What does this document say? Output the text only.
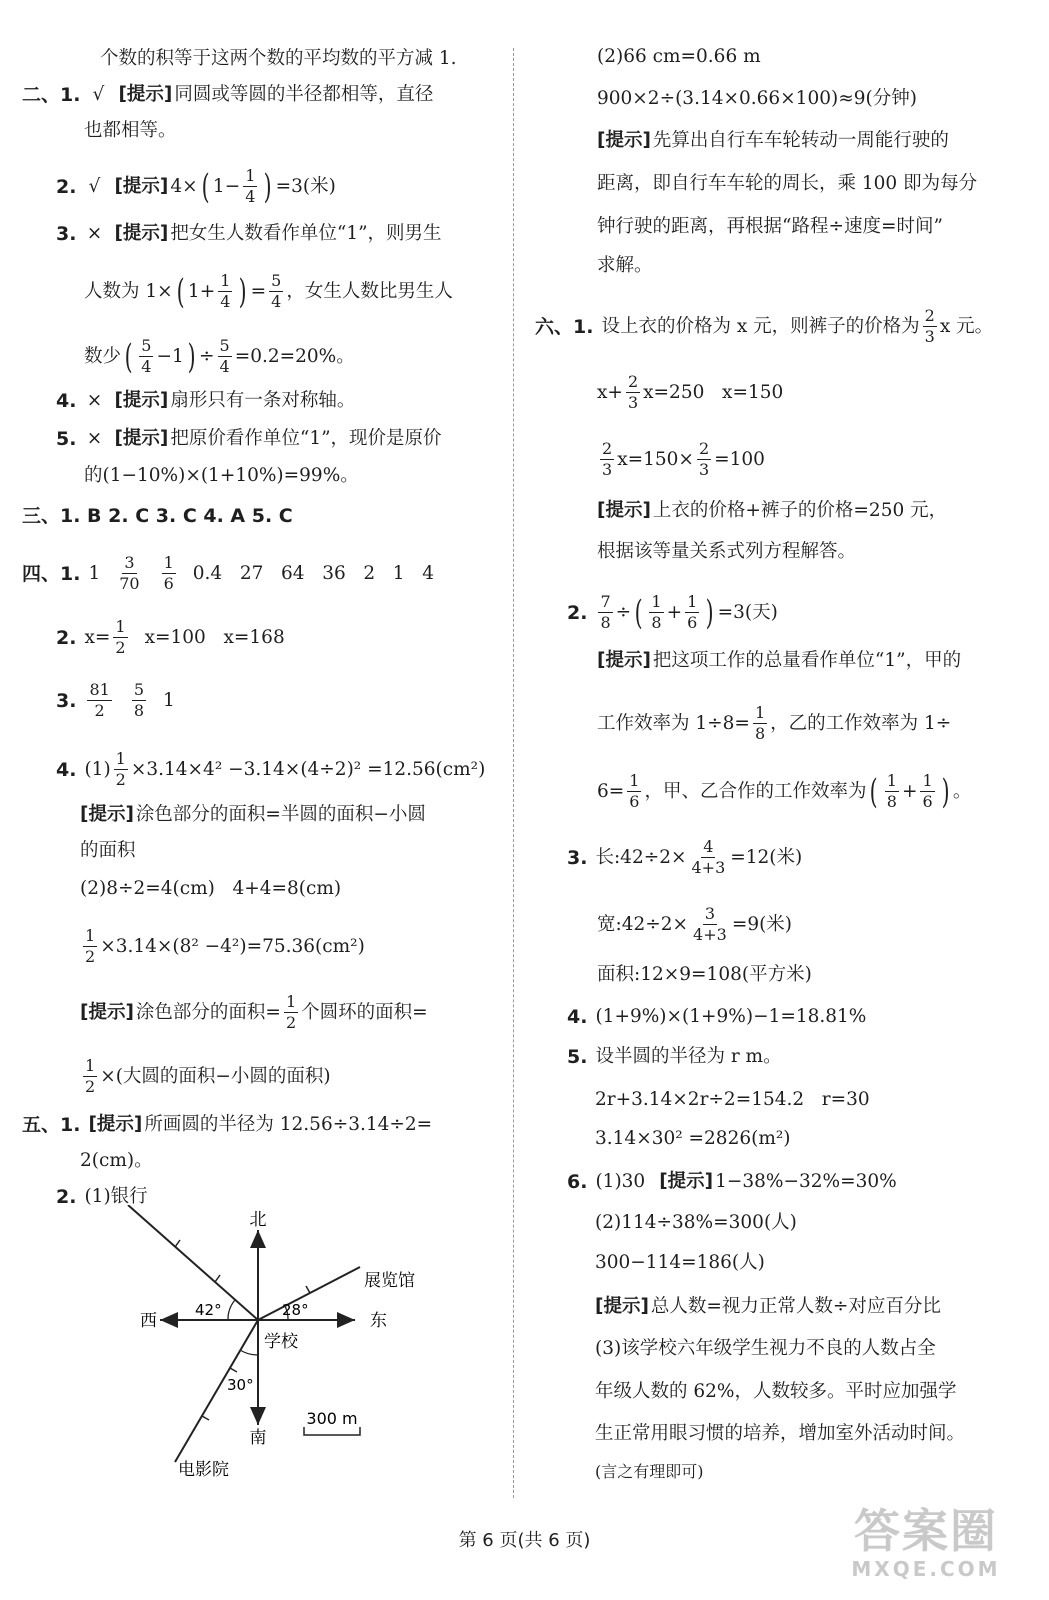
个数的积等于这两个数的平均数的平方减 1.
二、1. √ [提示] 同圆或等圆的半径都相等，直径
也都相等。
2. √ [提示] 4× ( $1- \frac{1}{4}$ ) =3(米)
3. × [提示] 把女生人数看作单位“1”，则男生
人数为 1× ( $1+ \frac{1}{4}$ ) = $\frac{5}{4}$ ，女生人数比男生人
数少 ( 5
4 −1 ) ÷ $\frac{5}{4} =0.2=20\%$。
4. × [提示] 扇形只有一条对称轴。
5. × [提示] 把原价看作单位“1”，现价是原价
的(1−10%)×(1+10%)=99%。
三、1. B 2. C 3. C 4. A 5. C
四、1. 1 3
70
1
6 0.4   27   64   36   2   1   4
2. $x= \frac{1}{2} x=100$   x=168
3. 81
2
5
8 1
4. $(1) \frac{1}{2} \times 3.14\times 4^2 -3.14\times(4\div 2)^2 =12.56(cm^2)$
[提示] 涂色部分的面积=半圆的面积−小圆
的面积
(2)8÷2=4(cm)   4+4=8(cm)
$\frac{1}{2} \times 3.14\times(8^2 -4^2)=75.36(cm^2)$
[提示] 涂色部分的面积= $\frac{1}{2}$ 个圆环的面积=
$\frac{1}{2}$ ×(大圆的面积−小圆的面积)
五、1. [提示] 所画圆的半径为 12.56÷3.14÷2=
2(cm)。
2. (1)银行
北
南
东
西
学校
展览馆
电影院
42°	28°
30°
300 m
(2)66 cm=0.66 m
900×2÷(3.14×0.66×100)≈9(分钟)
[提示] 先算出自行车车轮转动一周能行驶的
距离，即自行车车轮的周长，乘 100 即为每分
钟行驶的距离，再根据“路程÷速度=时间”
求解。
六、1. 设上衣的价格为 x 元，则裤子的价格为 2
3 x 元。
$x+ \frac{2}{3} x=250$   x=150
2
3 $x=150\times \frac{2}{3} =100$
[提示] 上衣的价格+裤子的价格=250 元，
根据该等量关系式列方程解答。
2. $\frac{7}{8}$ ÷ ( 1
$8 + \frac{1}{6}$ ) =3(天)
[提示] 把这项工作的总量看作单位“1”，甲的
工作效率为 $1\div 8= \frac{1}{8}$ ，乙的工作效率为 1÷
$6= \frac{1}{6}$ ，甲、乙合作的工作效率为 ( 1
$8 + \frac{1}{6}$ ) 。
3. 长:42÷2× $\frac{4}{4+3} =12$(米)
宽:42÷2× $\frac{3}{4+3} =9$(米)
面积:12×9=108(平方米)
4. (1+9%)×(1+9%)−1=18.81%
5. 设半圆的半径为 r m。
2r+3.14×2r÷2=154.2   r=30
3.14×30² =2826(m²)
6. (1)30 [提示] 1−38%−32%=30%
(2)114÷38%=300(人)
300−114=186(人)
[提示] 总人数=视力正常人数÷对应百分比
(3)该学校六年级学生视力不良的人数占全
年级人数的 62%，人数较多。平时应加强学
生正常用眼习惯的培养，增加室外活动时间。
(言之有理即可)
第 6 页(共 6 页)	答案圈
MXQE.COM
